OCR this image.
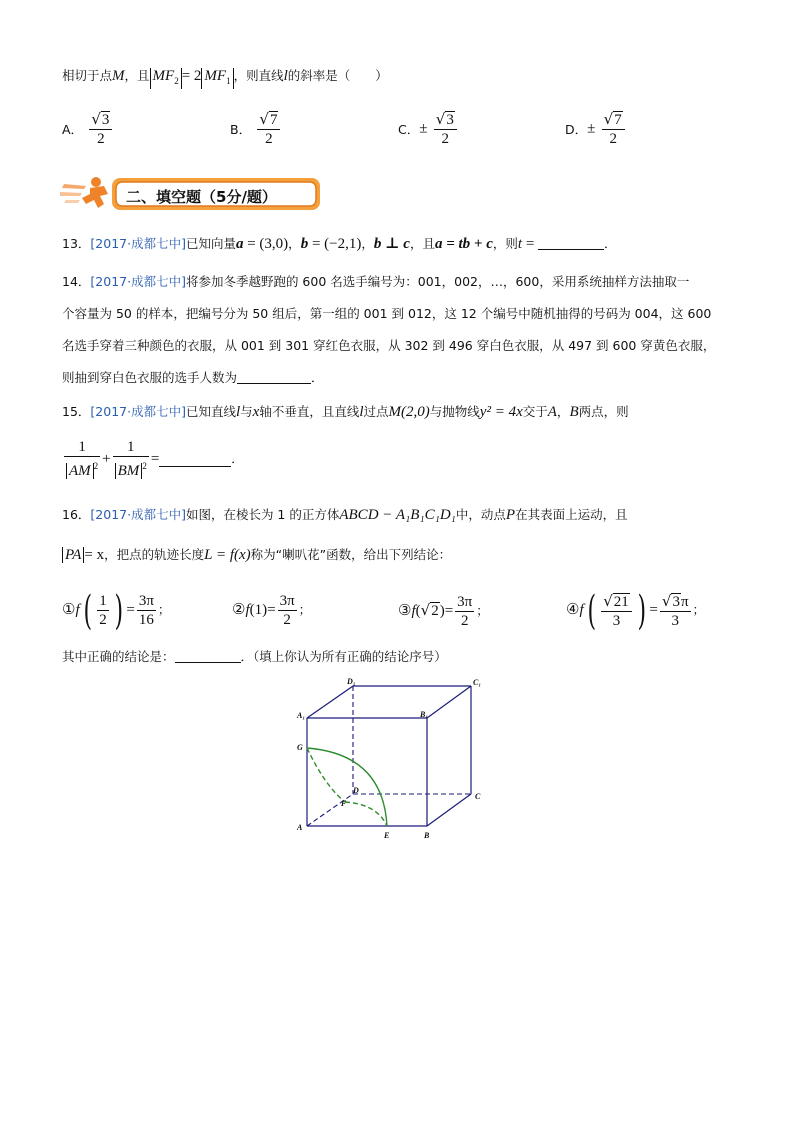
相切于点M，且 $MF_2 = 2$ $MF_1$ ，则直线l的斜率是（　　）
A． $\frac{√3}{2}$	B． $\frac{√7}{2}$	C．± $\frac{√3}{2}$	D．± $\frac{√7}{2}$
二、填空题（5分/题）
13．[2017·成都七中]已知向量a = (3,0)，b = (−2,1)，b ⊥ c，且a = tb + c，则t =	．
14．[2017·成都七中]将参加冬季越野跑的 600 名选手编号为：001，002，…，600，采用系统抽样方法抽取一
个容量为 50 的样本，把编号分为 50 组后，第一组的 001 到 012，这 12 个编号中随机抽得的号码为 004，这 600
名选手穿着三种颜色的衣服，从 001 到 301 穿红色衣服，从 302 到 496 穿白色衣服，从 497 到 600 穿黄色衣服，
则抽到穿白色衣服的选手人数为	．
15．[2017·成都七中]已知直线l与x轴不垂直，且直线l过点M(2,0)与抛物线y² = 4x交于A，B两点，则
$\frac{1}{AM ^2} + \frac{1}{BM ^2}$ =	．
16．[2017·成都七中]如图，在棱长为 1 的正方体ABCD − A₁B₁C₁D₁中，动点P在其表面上运动，且
PA = x，把点的轨迹长度L = f(x)称为“喇叭花”函数，给出下列结论：
①f( $\frac{1}{2}$ ) = $\frac{3\pi}{16}$ ；	②f(1)= $\frac{3\pi}{2}$ ；	③f(√2)= $\frac{3\pi}{2}$ ；	④f( $\frac{√21}{3}$ ) = $\frac{√3\pi}{3}$ ；
其中正确的结论是：	．（填上你认为所有正确的结论序号）
A
B
C
D
A₁	B₁
C₁
D₁
G
F
E
